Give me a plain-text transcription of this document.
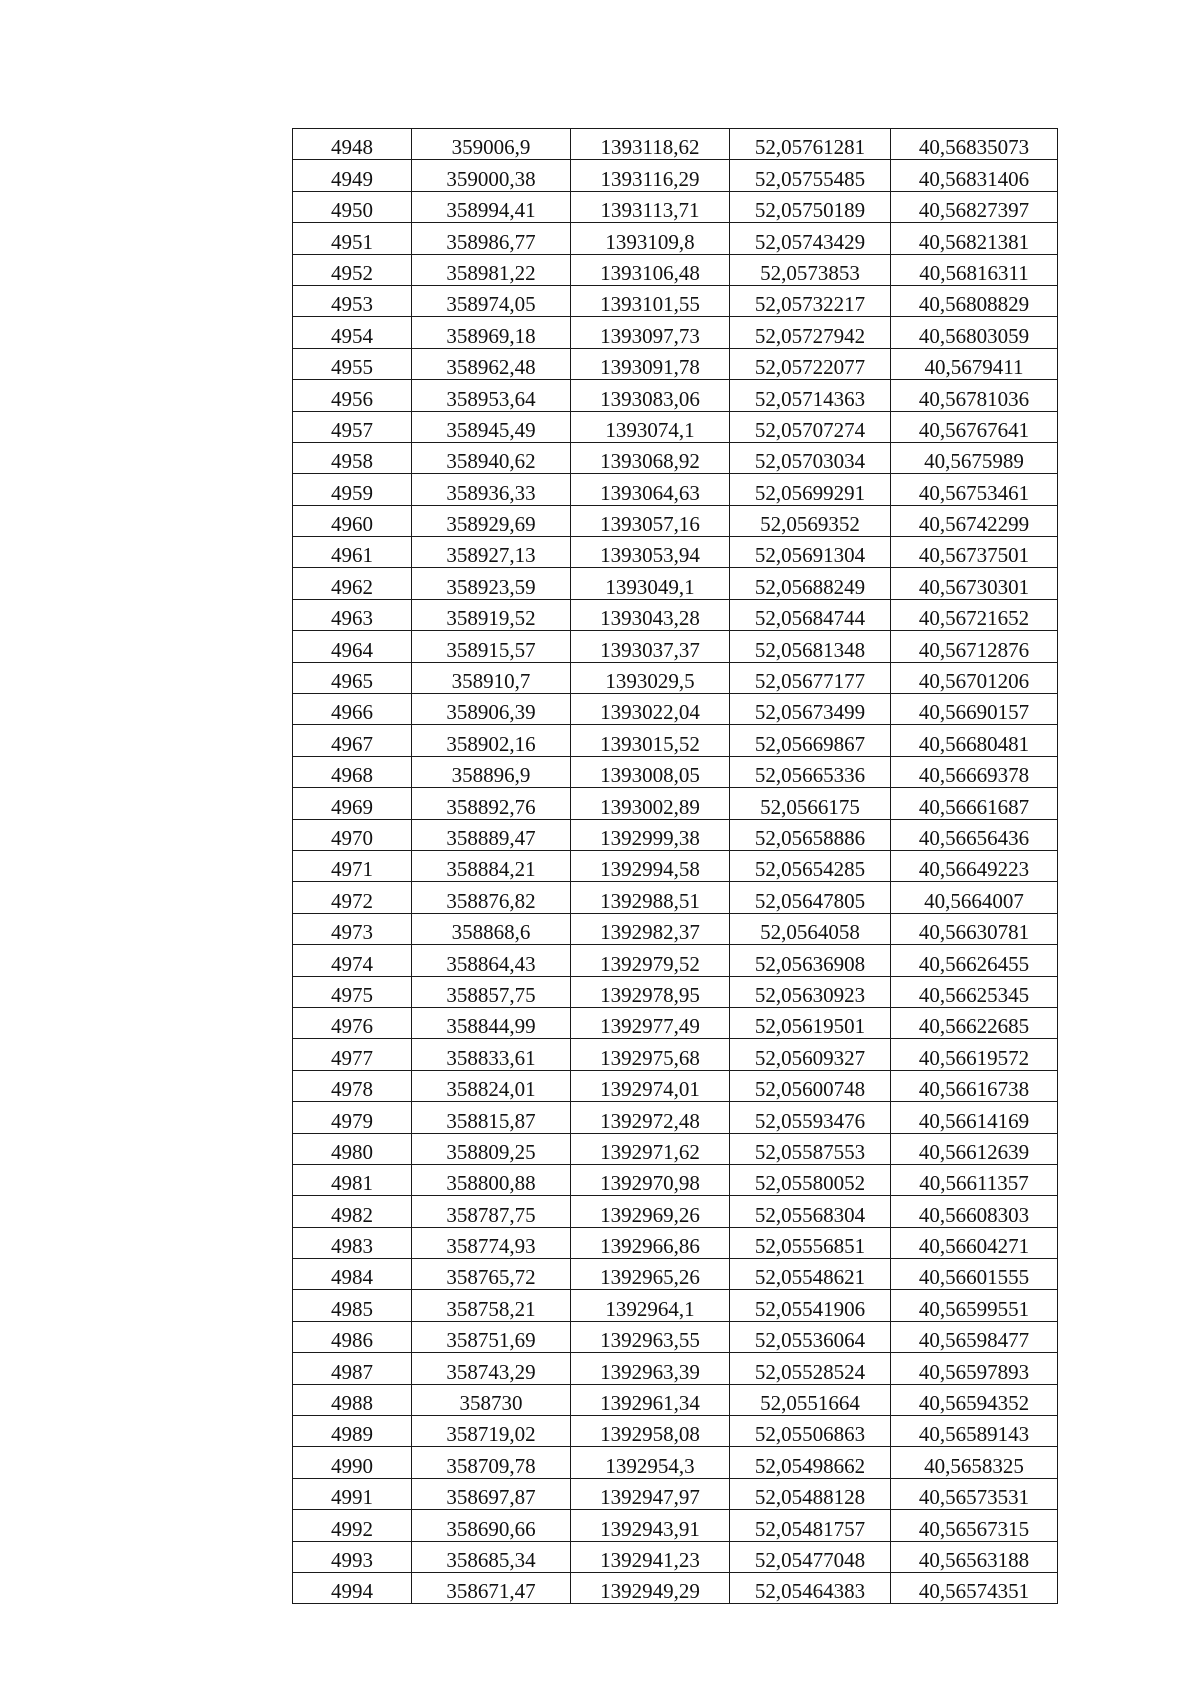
4948	359006,9	1393118,62	52,05761281	40,56835073
4949	359000,38	1393116,29	52,05755485	40,56831406
4950	358994,41	1393113,71	52,05750189	40,56827397
4951	358986,77	1393109,8	52,05743429	40,56821381
4952	358981,22	1393106,48	52,0573853	40,56816311
4953	358974,05	1393101,55	52,05732217	40,56808829
4954	358969,18	1393097,73	52,05727942	40,56803059
4955	358962,48	1393091,78	52,05722077	40,5679411
4956	358953,64	1393083,06	52,05714363	40,56781036
4957	358945,49	1393074,1	52,05707274	40,56767641
4958	358940,62	1393068,92	52,05703034	40,5675989
4959	358936,33	1393064,63	52,05699291	40,56753461
4960	358929,69	1393057,16	52,0569352	40,56742299
4961	358927,13	1393053,94	52,05691304	40,56737501
4962	358923,59	1393049,1	52,05688249	40,56730301
4963	358919,52	1393043,28	52,05684744	40,56721652
4964	358915,57	1393037,37	52,05681348	40,56712876
4965	358910,7	1393029,5	52,05677177	40,56701206
4966	358906,39	1393022,04	52,05673499	40,56690157
4967	358902,16	1393015,52	52,05669867	40,56680481
4968	358896,9	1393008,05	52,05665336	40,56669378
4969	358892,76	1393002,89	52,0566175	40,56661687
4970	358889,47	1392999,38	52,05658886	40,56656436
4971	358884,21	1392994,58	52,05654285	40,56649223
4972	358876,82	1392988,51	52,05647805	40,5664007
4973	358868,6	1392982,37	52,0564058	40,56630781
4974	358864,43	1392979,52	52,05636908	40,56626455
4975	358857,75	1392978,95	52,05630923	40,56625345
4976	358844,99	1392977,49	52,05619501	40,56622685
4977	358833,61	1392975,68	52,05609327	40,56619572
4978	358824,01	1392974,01	52,05600748	40,56616738
4979	358815,87	1392972,48	52,05593476	40,56614169
4980	358809,25	1392971,62	52,05587553	40,56612639
4981	358800,88	1392970,98	52,05580052	40,56611357
4982	358787,75	1392969,26	52,05568304	40,56608303
4983	358774,93	1392966,86	52,05556851	40,56604271
4984	358765,72	1392965,26	52,05548621	40,56601555
4985	358758,21	1392964,1	52,05541906	40,56599551
4986	358751,69	1392963,55	52,05536064	40,56598477
4987	358743,29	1392963,39	52,05528524	40,56597893
4988	358730	1392961,34	52,0551664	40,56594352
4989	358719,02	1392958,08	52,05506863	40,56589143
4990	358709,78	1392954,3	52,05498662	40,5658325
4991	358697,87	1392947,97	52,05488128	40,56573531
4992	358690,66	1392943,91	52,05481757	40,56567315
4993	358685,34	1392941,23	52,05477048	40,56563188
4994	358671,47	1392949,29	52,05464383	40,56574351
